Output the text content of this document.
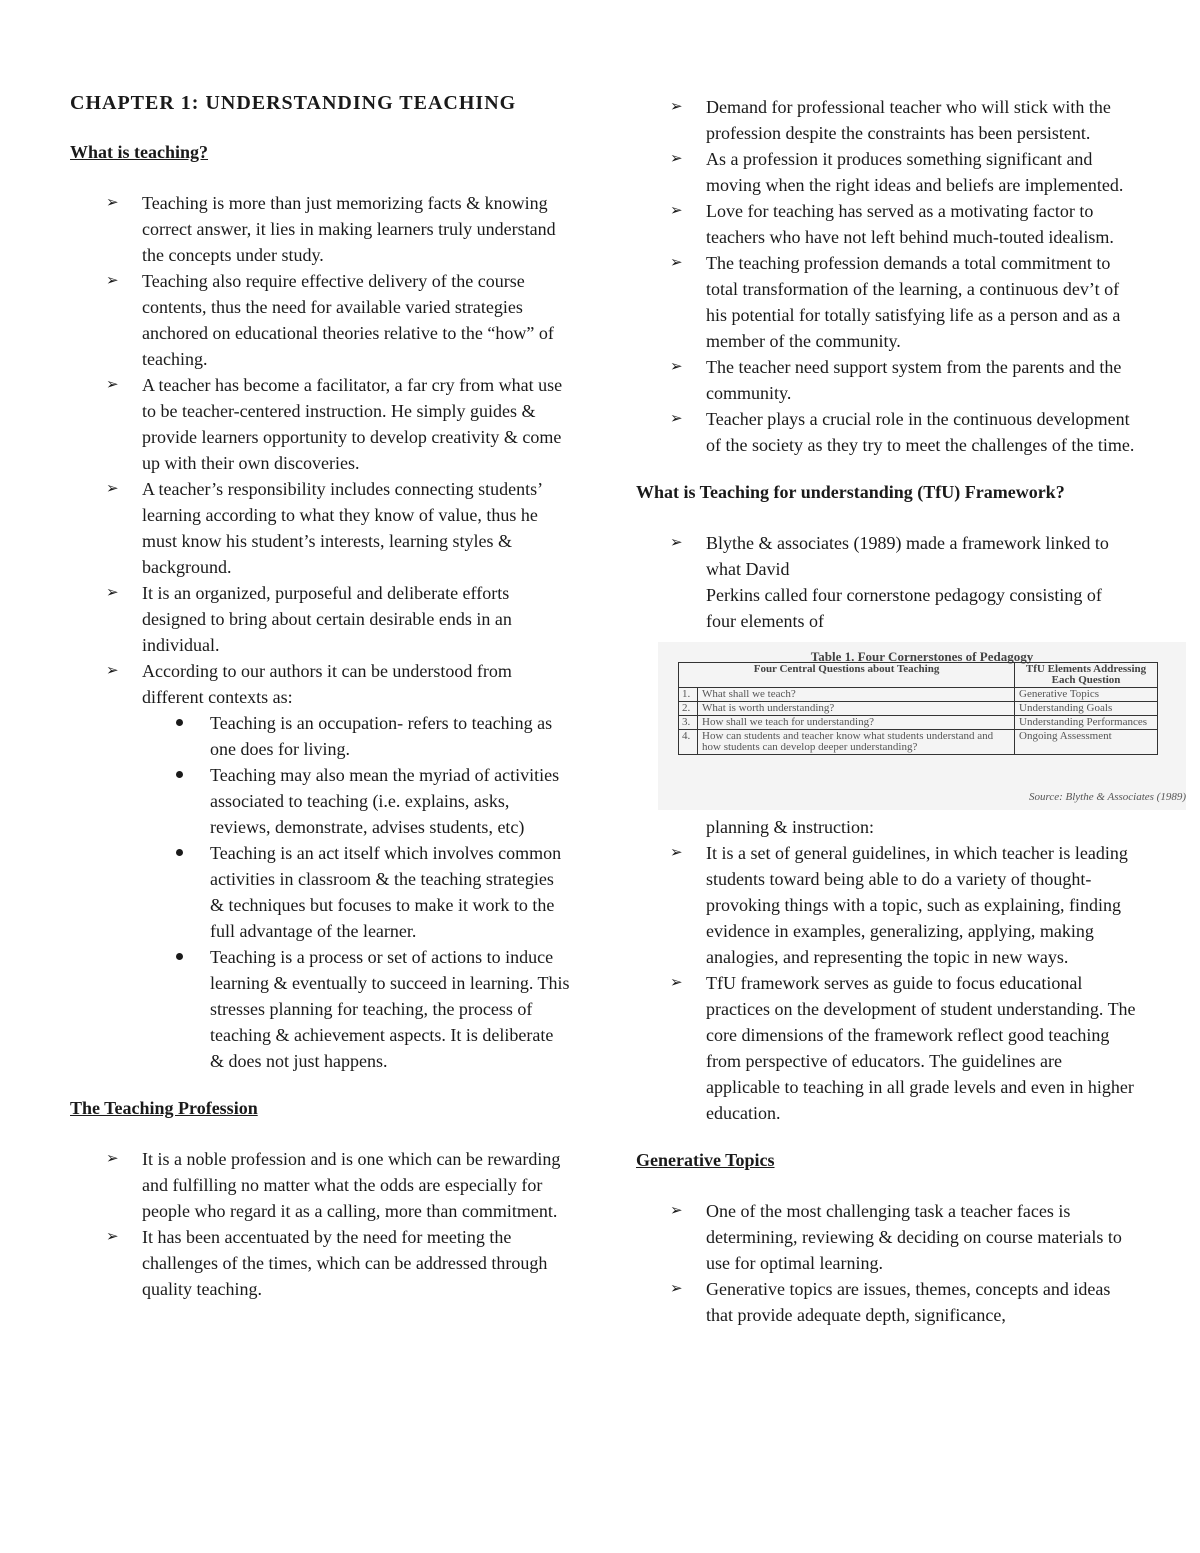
CHAPTER 1: UNDERSTANDING TEACHING
What is teaching?
➢ Teaching is more than just memorizing facts & knowing correct answer, it lies in making learners truly understand the concepts under study.
➢ Teaching also require effective delivery of the course contents, thus the need for available varied strategies anchored on educational theories relative to the “how” of teaching.
➢ A teacher has become a facilitator, a far cry from what use to be teacher-centered instruction. He simply guides & provide learners opportunity to develop creativity & come up with their own discoveries.
➢ A teacher’s responsibility includes connecting students’ learning according to what they know of value, thus he must know his student’s interests, learning styles & background.
➢ It is an organized, purposeful and deliberate efforts designed to bring about certain desirable ends in an individual.
➢ According to our authors it can be understood from different contexts as:
Teaching is an occupation- refers to teaching as one does for living.
Teaching may also mean the myriad of activities associated to teaching (i.e. explains, asks, reviews, demonstrate, advises students, etc)
Teaching is an act itself which involves common activities in classroom & the teaching strategies & techniques but focuses to make it work to the full advantage of the learner.
Teaching is a process or set of actions to induce learning & eventually to succeed in learning. This stresses planning for teaching, the process of teaching & achievement aspects. It is deliberate & does not just happens.
The Teaching Profession
➢ It is a noble profession and is one which can be rewarding and fulfilling no matter what the odds are especially for people who regard it as a calling, more than commitment.
➢ It has been accentuated by the need for meeting the challenges of the times, which can be addressed through quality teaching.
➢ Demand for professional teacher who will stick with the profession despite the constraints has been persistent.
➢ As a profession it produces something significant and moving when the right ideas and beliefs are implemented.
➢ Love for teaching has served as a motivating factor to teachers who have not left behind much-touted idealism.
➢ The teaching profession demands a total commitment to total transformation of the learning, a continuous dev’t of his potential for totally satisfying life as a person and as a member of the community.
➢ The teacher need support system from the parents and the community.
➢ Teacher plays a crucial role in the continuous development of the society as they try to meet the challenges of the time.
What is Teaching for understanding (TfU) Framework?
➢ Blythe & associates (1989) made a framework linked to what David
Perkins called four cornerstone pedagogy consisting of four elements of
Table 1. Four Cornerstones of Pedagogy
Four Central Questions about Teaching		TfU Elements Addressing Each Question
1.	What shall we teach?	Generative Topics
2.	What is worth understanding?	Understanding Goals
3.	How shall we teach for understanding?	Understanding Performances
4.	How can students and teacher know what students understand and how students can develop deeper understanding?	Ongoing Assessment
Source: Blythe & Associates (1989)
planning & instruction:
➢ It is a set of general guidelines, in which teacher is leading students toward being able to do a variety of thought-provoking things with a topic, such as explaining, finding evidence in examples, generalizing, applying, making analogies, and representing the topic in new ways.
➢ TfU framework serves as guide to focus educational practices on the development of student understanding. The core dimensions of the framework reflect good teaching from perspective of educators. The guidelines are applicable to teaching in all grade levels and even in higher education.
Generative Topics
➢ One of the most challenging task a teacher faces is determining, reviewing & deciding on course materials to use for optimal learning.
➢ Generative topics are issues, themes, concepts and ideas that provide adequate depth, significance,
